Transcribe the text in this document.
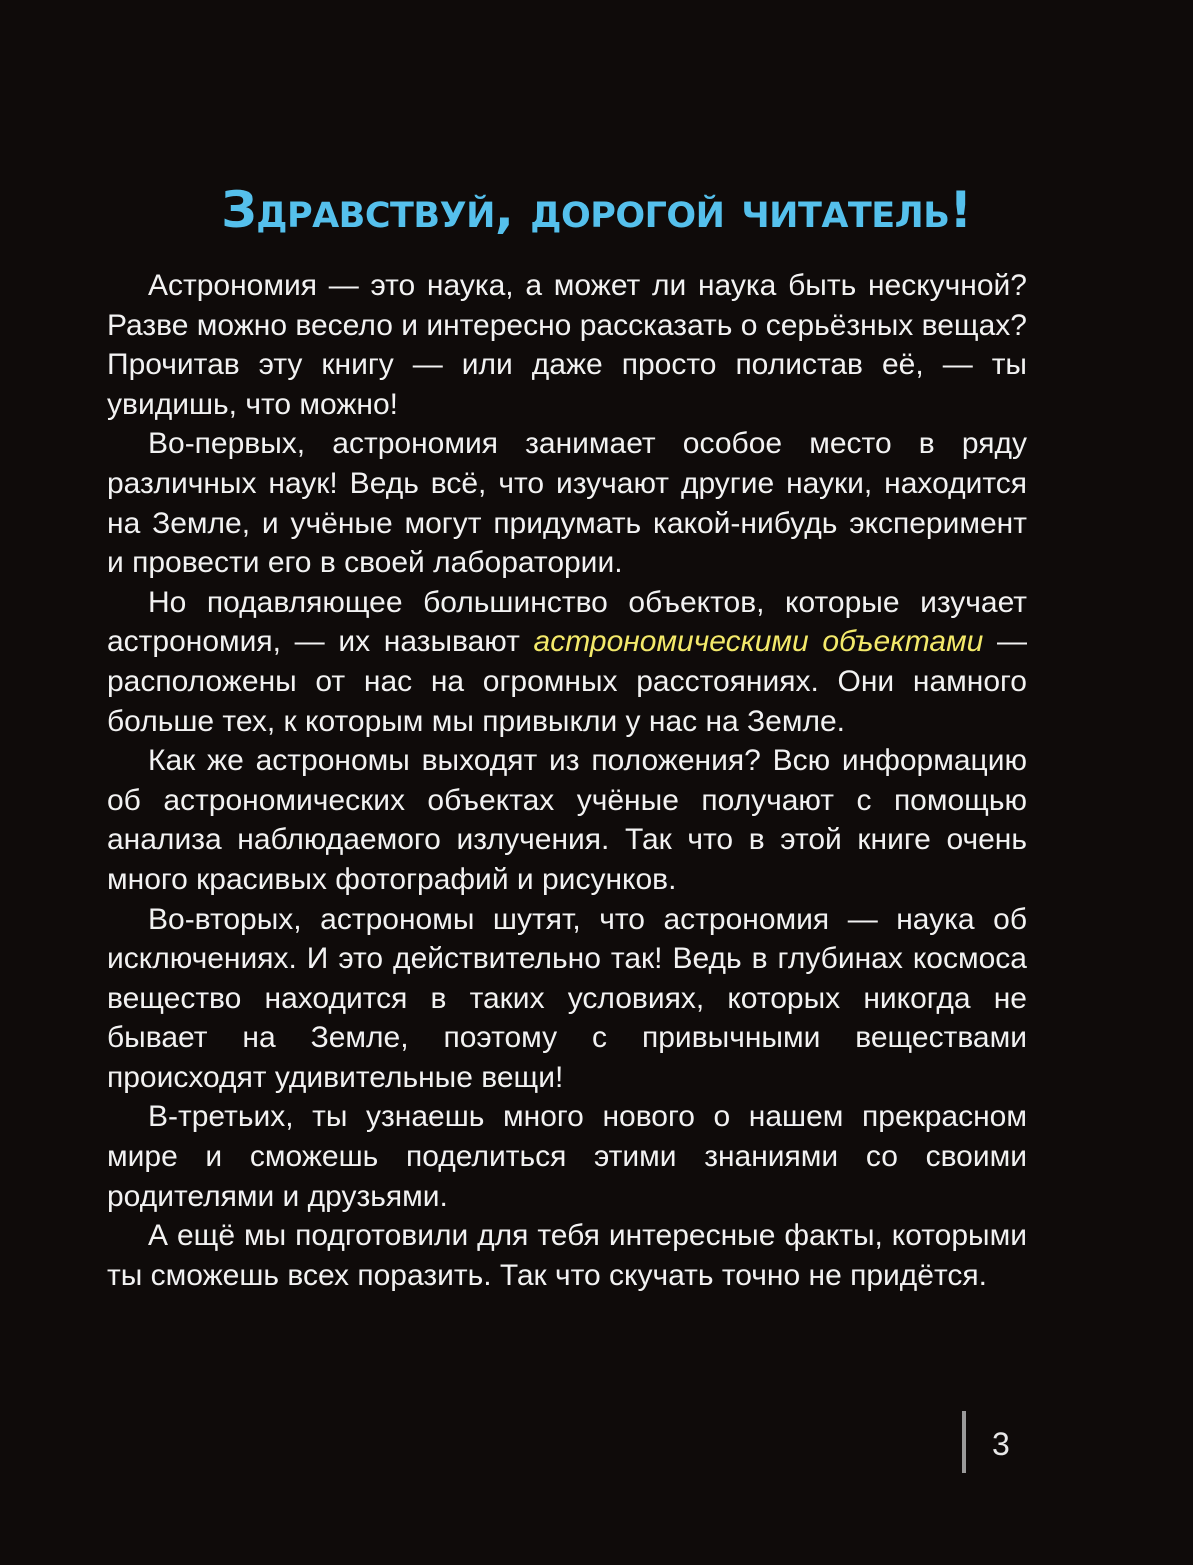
Здравствуй, дорогой читатель!

Астрономия — это наука, а может ли наука быть нескучной? Разве можно весело и интересно рассказать о серьёзных вещах? Прочитав эту книгу — или даже просто полистав её, — ты увидишь, что можно!

Во-первых, астрономия занимает особое место в ряду различных наук! Ведь всё, что изучают другие науки, находится на Земле, и учёные могут придумать какой-нибудь эксперимент и провести его в своей лаборатории.

Но подавляющее большинство объектов, которые изучает астрономия, — их называют астрономическими объектами — расположены от нас на огромных расстояниях. Они намного больше тех, к которым мы привыкли у нас на Земле.

Как же астрономы выходят из положения? Всю информацию об астрономических объектах учёные получают с помощью анализа наблюдаемого излучения. Так что в этой книге очень много красивых фотографий и рисунков.

Во-вторых, астрономы шутят, что астрономия — наука об исключениях. И это действительно так! Ведь в глубинах космоса вещество находится в таких условиях, которых никогда не бывает на Земле, поэтому с привычными веществами происходят удивительные вещи!

В-третьих, ты узнаешь много нового о нашем прекрасном мире и сможешь поделиться этими знаниями со своими родителями и друзьями.

А ещё мы подготовили для тебя интересные факты, которыми ты сможешь всех поразить. Так что скучать точно не придётся.

3
